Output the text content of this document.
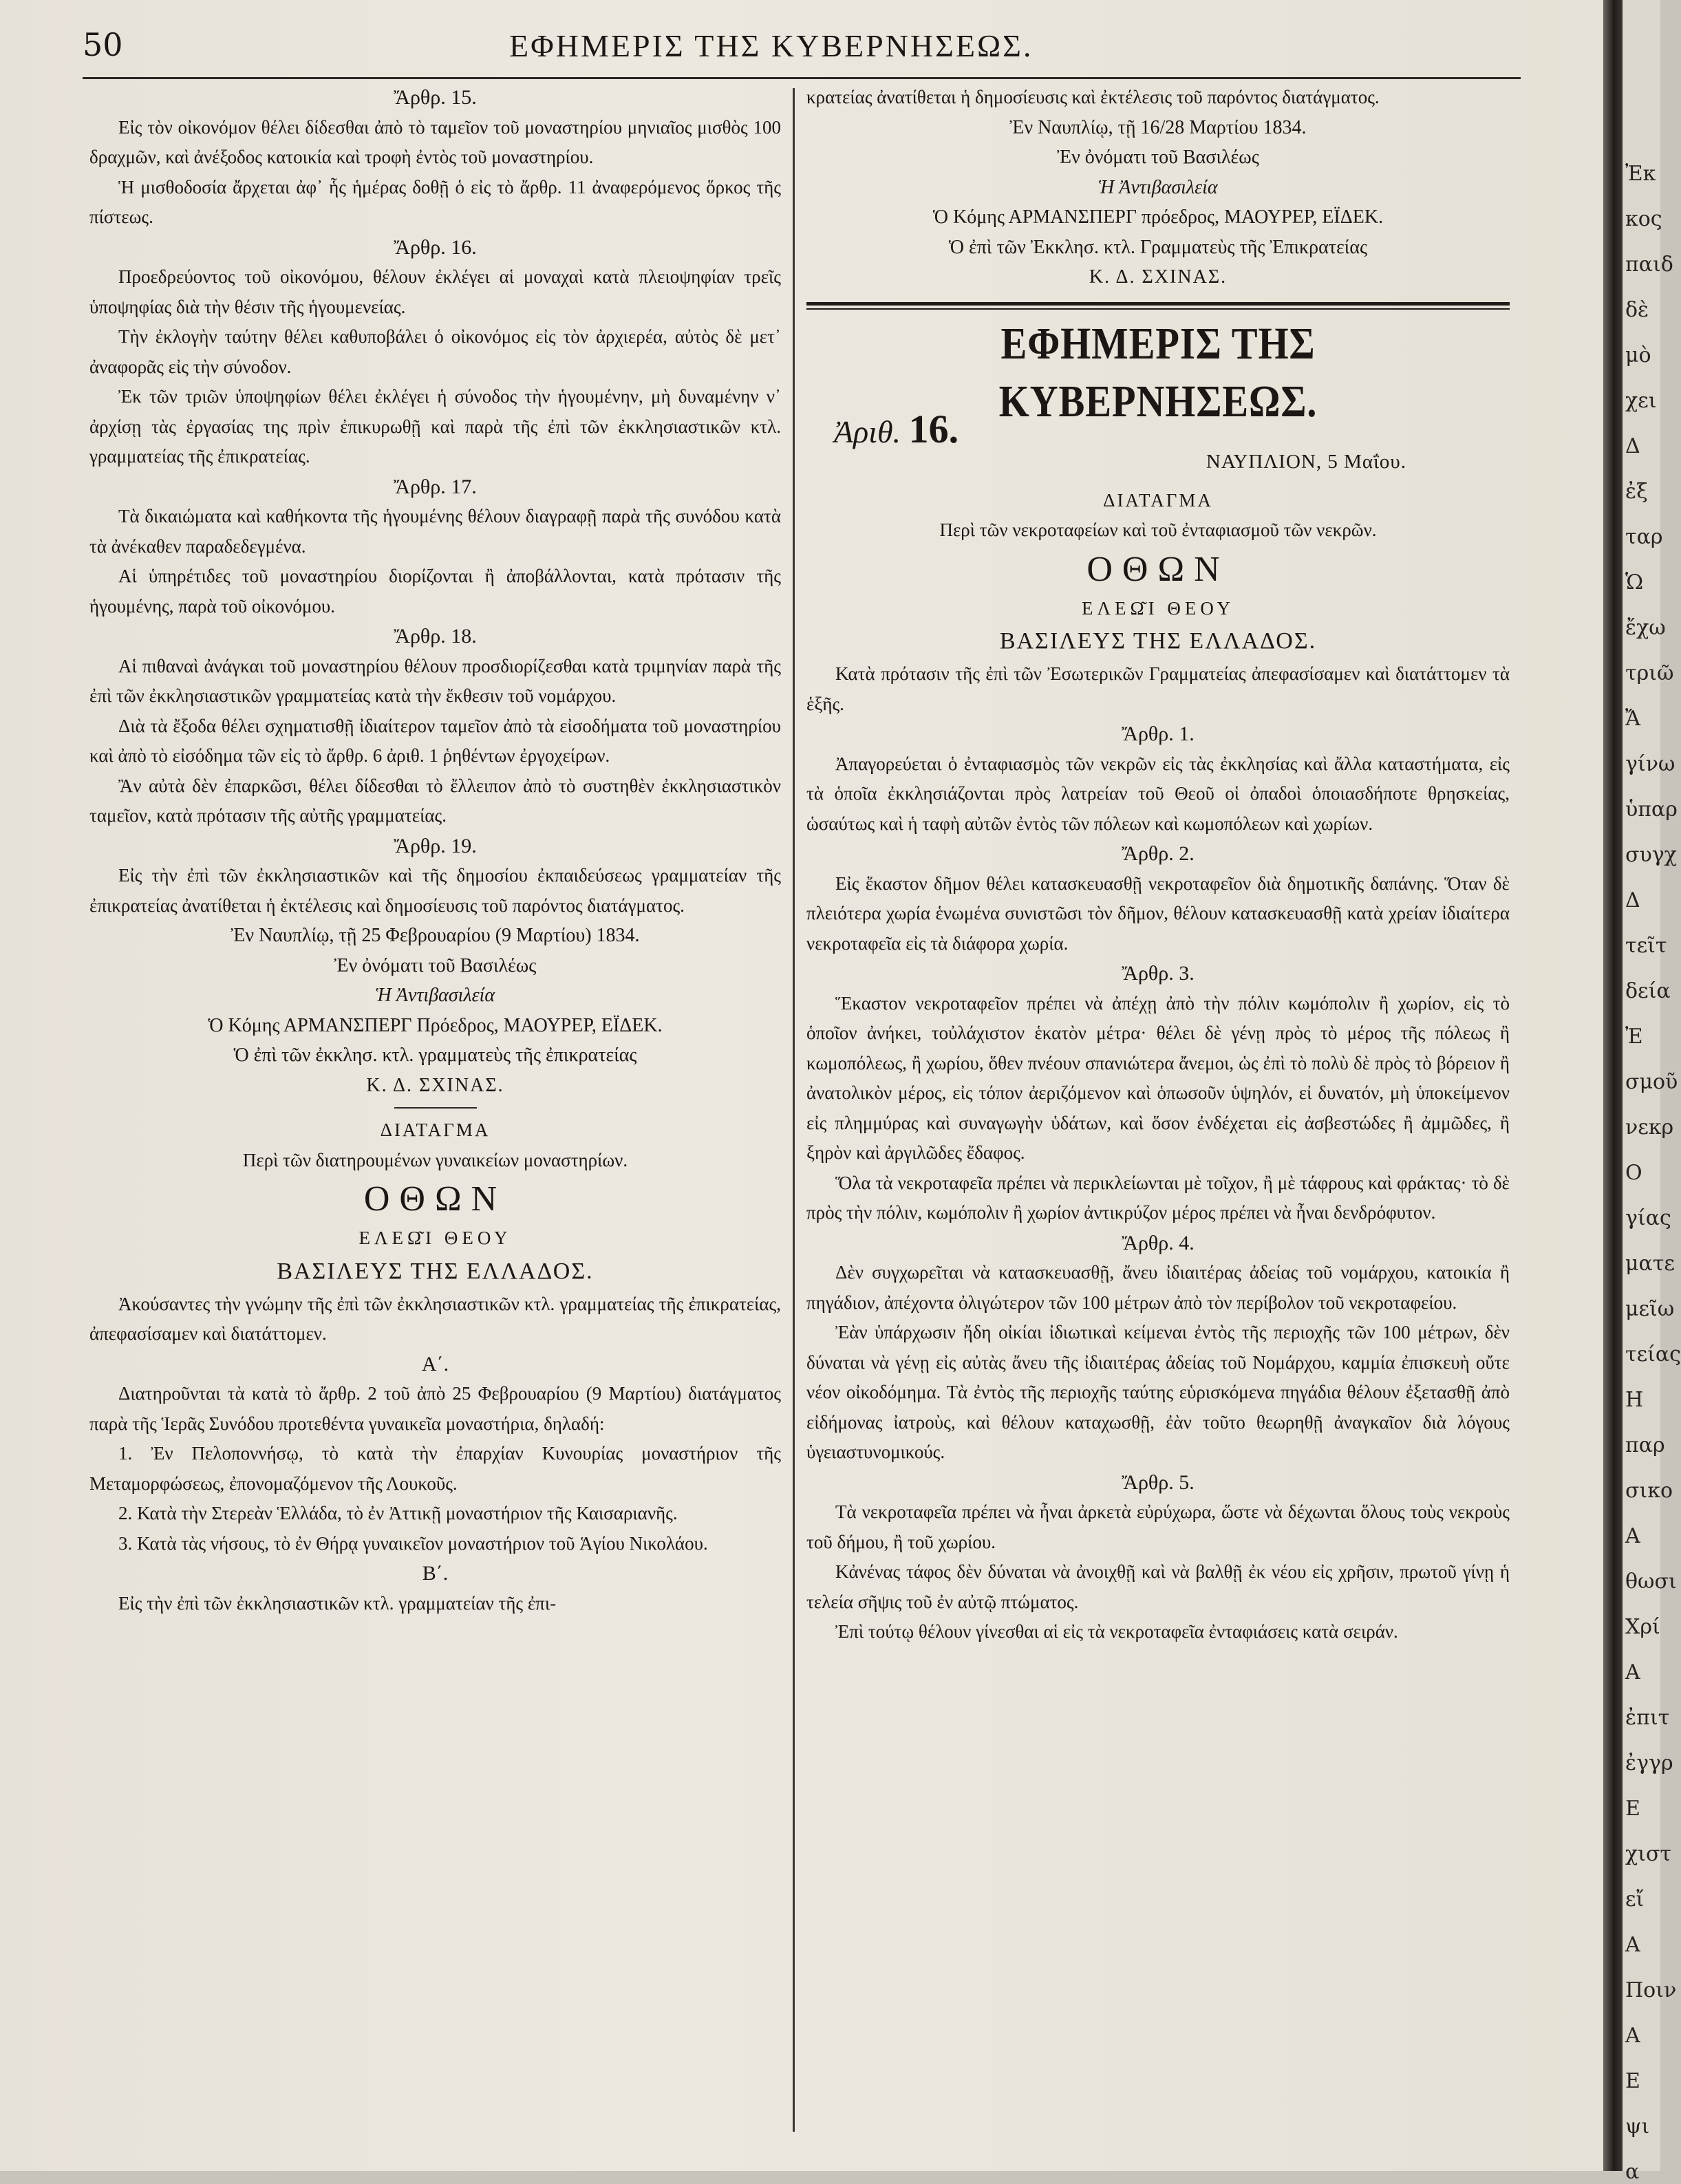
50	ΕΦΗΜΕΡΙΣ ΤΗΣ ΚΥΒΕΡΝΗΣΕΩΣ.

Ἄρθρ. 15.

Εἰς τὸν οἰκονόμον θέλει δίδεσθαι ἀπὸ τὸ ταμεῖον τοῦ μοναστηρίου μηνιαῖος μισθὸς 100 δραχμῶν, καὶ ἀνέξοδος κατοικία καὶ τροφὴ ἐντὸς τοῦ μοναστηρίου.

Ἡ μισθοδοσία ἄρχεται ἀφ᾽ ἧς ἡμέρας δοθῇ ὁ εἰς τὸ ἄρθρ. 11 ἀναφερόμενος ὅρκος τῆς πίστεως.

Ἄρθρ. 16.

Προεδρεύοντος τοῦ οἰκονόμου, θέλουν ἐκλέγει αἱ μοναχαὶ κατὰ πλειοψηφίαν τρεῖς ὑποψηφίας διὰ τὴν θέσιν τῆς ἡγουμενείας.

Τὴν ἐκλογὴν ταύτην θέλει καθυποβάλει ὁ οἰκονόμος εἰς τὸν ἀρχιερέα, αὐτὸς δὲ μετ᾽ ἀναφορᾶς εἰς τὴν σύνοδον.

Ἐκ τῶν τριῶν ὑποψηφίων θέλει ἐκλέγει ἡ σύνοδος τὴν ἡγουμένην, μὴ δυναμένην ν᾽ ἀρχίσῃ τὰς ἐργασίας της πρὶν ἐπικυρωθῇ καὶ παρὰ τῆς ἐπὶ τῶν ἐκκλησιαστικῶν κτλ. γραμματείας τῆς ἐπικρατείας.

Ἄρθρ. 17.

Τὰ δικαιώματα καὶ καθήκοντα τῆς ἡγουμένης θέλουν διαγραφῇ παρὰ τῆς συνόδου κατὰ τὰ ἀνέκαθεν παραδεδεγμένα.

Αἱ ὑπηρέτιδες τοῦ μοναστηρίου διορίζονται ἢ ἀποβάλλονται, κατὰ πρότασιν τῆς ἡγουμένης, παρὰ τοῦ οἰκονόμου.

Ἄρθρ. 18.

Αἱ πιθαναὶ ἀνάγκαι τοῦ μοναστηρίου θέλουν προσδιορίζεσθαι κατὰ τριμηνίαν παρὰ τῆς ἐπὶ τῶν ἐκκλησιαστικῶν γραμματείας κατὰ τὴν ἔκθεσιν τοῦ νομάρχου.

Διὰ τὰ ἔξοδα θέλει σχηματισθῇ ἰδιαίτερον ταμεῖον ἀπὸ τὰ εἰσοδήματα τοῦ μοναστηρίου καὶ ἀπὸ τὸ εἰσόδημα τῶν εἰς τὸ ἄρθρ. 6 ἀριθ. 1 ῥηθέντων ἐργοχείρων.

Ἂν αὐτὰ δὲν ἐπαρκῶσι, θέλει δίδεσθαι τὸ ἔλλειπον ἀπὸ τὸ συστηθὲν ἐκκλησιαστικὸν ταμεῖον, κατὰ πρότασιν τῆς αὐτῆς γραμματείας.

Ἄρθρ. 19.

Εἰς τὴν ἐπὶ τῶν ἐκκλησιαστικῶν καὶ τῆς δημοσίου ἐκπαιδεύσεως γραμματείαν τῆς ἐπικρατείας ἀνατίθεται ἡ ἐκτέλεσις καὶ δημοσίευσις τοῦ παρόντος διατάγματος.

Ἐν Ναυπλίῳ, τῇ 25 Φεβρουαρίου (9 Μαρτίου) 1834.

Ἐν ὀνόματι τοῦ Βασιλέως

Ἡ Ἀντιβασιλεία

Ὁ Κόμης ΑΡΜΑΝΣΠΕΡΓ Πρόεδρος, ΜΑΟΥΡΕΡ, ΕΪΔΕΚ.

Ὁ ἐπὶ τῶν ἐκκλησ. κτλ. γραμματεὺς τῆς ἐπικρατείας

Κ. Δ. ΣΧΙΝΑΣ.

ΔΙΑΤΑΓΜΑ

Περὶ τῶν διατηρουμένων γυναικείων μοναστηρίων.

ΟΘΩΝ

ΕΛΕΩ͂Ι ΘΕΟΥ

ΒΑΣΙΛΕΥΣ ΤΗΣ ΕΛΛΑΔΟΣ.

Ἀκούσαντες τὴν γνώμην τῆς ἐπὶ τῶν ἐκκλησιαστικῶν κτλ. γραμματείας τῆς ἐπικρατείας, ἀπεφασίσαμεν καὶ διατάττομεν.

Α΄.

Διατηροῦνται τὰ κατὰ τὸ ἄρθρ. 2 τοῦ ἀπὸ 25 Φεβρουαρίου (9 Μαρτίου) διατάγματος παρὰ τῆς Ἱερᾶς Συνόδου προτεθέντα γυναικεῖα μοναστήρια, δηλαδή:

1. Ἐν Πελοποννήσῳ, τὸ κατὰ τὴν ἐπαρχίαν Κυνουρίας μοναστήριον τῆς Μεταμορφώσεως, ἐπονομαζόμενον τῆς Λουκοῦς.

2. Κατὰ τὴν Στερεὰν Ἑλλάδα, τὸ ἐν Ἀττικῇ μοναστήριον τῆς Καισαριανῆς.

3. Κατὰ τὰς νήσους, τὸ ἐν Θήρᾳ γυναικεῖον μοναστήριον τοῦ Ἁγίου Νικολάου.

Β΄.

Εἰς τὴν ἐπὶ τῶν ἐκκλησιαστικῶν κτλ. γραμματείαν τῆς ἐπι-

κρατείας ἀνατίθεται ἡ δημοσίευσις καὶ ἐκτέλεσις τοῦ παρόντος διατάγματος.

Ἐν Ναυπλίῳ, τῇ 16/28 Μαρτίου 1834.

Ἐν ὀνόματι τοῦ Βασιλέως

Ἡ Ἀντιβασιλεία

Ὁ Κόμης ΑΡΜΑΝΣΠΕΡΓ πρόεδρος, ΜΑΟΥΡΕΡ, ΕΪΔΕΚ.

Ὁ ἐπὶ τῶν Ἐκκλησ. κτλ. Γραμματεὺς τῆς Ἐπικρατείας

Κ. Δ. ΣΧΙΝΑΣ.

ΕΦΗΜΕΡΙΣ ΤΗΣ ΚΥΒΕΡΝΗΣΕΩΣ.
Ἀριθ. 16.
ΝΑΥΠΛΙΟΝ, 5 Μαΐου.

ΔΙΑΤΑΓΜΑ

Περὶ τῶν νεκροταφείων καὶ τοῦ ἐνταφιασμοῦ τῶν νεκρῶν.

ΟΘΩΝ

ΕΛΕΩ͂Ι ΘΕΟΥ

ΒΑΣΙΛΕΥΣ ΤΗΣ ΕΛΛΑΔΟΣ.

Κατὰ πρότασιν τῆς ἐπὶ τῶν Ἐσωτερικῶν Γραμματείας ἀπεφασίσαμεν καὶ διατάττομεν τὰ ἑξῆς.

Ἄρθρ. 1.

Ἀπαγορεύεται ὁ ἐνταφιασμὸς τῶν νεκρῶν εἰς τὰς ἐκκλησίας καὶ ἄλλα καταστήματα, εἰς τὰ ὁποῖα ἐκκλησιάζονται πρὸς λατρείαν τοῦ Θεοῦ οἱ ὀπαδοὶ ὁποιασδήποτε θρησκείας, ὡσαύτως καὶ ἡ ταφὴ αὐτῶν ἐντὸς τῶν πόλεων καὶ κωμοπόλεων καὶ χωρίων.

Ἄρθρ. 2.

Εἰς ἕκαστον δῆμον θέλει κατασκευασθῇ νεκροταφεῖον διὰ δημοτικῆς δαπάνης. Ὅταν δὲ πλειότερα χωρία ἑνωμένα συνιστῶσι τὸν δῆμον, θέλουν κατασκευασθῇ κατὰ χρείαν ἰδιαίτερα νεκροταφεῖα εἰς τὰ διάφορα χωρία.

Ἄρθρ. 3.

Ἕκαστον νεκροταφεῖον πρέπει νὰ ἀπέχῃ ἀπὸ τὴν πόλιν κωμόπολιν ἢ χωρίον, εἰς τὸ ὁποῖον ἀνήκει, τοὐλάχιστον ἑκατὸν μέτρα· θέλει δὲ γένῃ πρὸς τὸ μέρος τῆς πόλεως ἢ κωμοπόλεως, ἢ χωρίου, ὅθεν πνέουν σπανιώτερα ἄνεμοι, ὡς ἐπὶ τὸ πολὺ δὲ πρὸς τὸ βόρειον ἢ ἀνατολικὸν μέρος, εἰς τόπον ἀεριζόμενον καὶ ὁπωσοῦν ὑψηλόν, εἰ δυνατόν, μὴ ὑποκείμενον εἰς πλημμύρας καὶ συναγωγὴν ὑδάτων, καὶ ὅσον ἐνδέχεται εἰς ἀσβεστώδες ἢ ἀμμῶδες, ἢ ξηρὸν καὶ ἀργιλῶδες ἔδαφος.

Ὅλα τὰ νεκροταφεῖα πρέπει νὰ περικλείωνται μὲ τοῖχον, ἢ μὲ τάφρους καὶ φράκτας· τὸ δὲ πρὸς τὴν πόλιν, κωμόπολιν ἢ χωρίον ἀντικρύζον μέρος πρέπει νὰ ἦναι δενδρόφυτον.

Ἄρθρ. 4.

Δὲν συγχωρεῖται νὰ κατασκευασθῇ, ἄνευ ἰδιαιτέρας ἀδείας τοῦ νομάρχου, κατοικία ἢ πηγάδιον, ἀπέχοντα ὀλιγώτερον τῶν 100 μέτρων ἀπὸ τὸν περίβολον τοῦ νεκροταφείου.

Ἐὰν ὑπάρχωσιν ἤδη οἰκίαι ἰδιωτικαὶ κείμεναι ἐντὸς τῆς περιοχῆς τῶν 100 μέτρων, δὲν δύναται νὰ γένῃ εἰς αὐτὰς ἄνευ τῆς ἰδιαιτέρας ἀδείας τοῦ Νομάρχου, καμμία ἐπισκευὴ οὔτε νέον οἰκοδόμημα. Τὰ ἐντὸς τῆς περιοχῆς ταύτης εὑρισκόμενα πηγάδια θέλουν ἐξετασθῇ ἀπὸ εἰδήμονας ἰατροὺς, καὶ θέλουν καταχωσθῇ, ἐὰν τοῦτο θεωρηθῇ ἀναγκαῖον διὰ λόγους ὑγειαστυνομικούς.

Ἄρθρ. 5.

Τὰ νεκροταφεῖα πρέπει νὰ ἦναι ἀρκετὰ εὐρύχωρα, ὥστε νὰ δέχωνται ὅλους τοὺς νεκροὺς τοῦ δήμου, ἢ τοῦ χωρίου.

Κἀνένας τάφος δὲν δύναται νὰ ἀνοιχθῇ καὶ νὰ βαλθῇ ἐκ νέου εἰς χρῆσιν, πρωτοῦ γίνῃ ἡ τελεία σῆψις τοῦ ἐν αὐτῷ πτώματος.

Ἐπὶ τούτῳ θέλουν γίνεσθαι αἱ εἰς τὰ νεκροταφεῖα ἐνταφιάσεις κατὰ σειράν.

Ἐκ
κος
παιδ
δὲ
μὸ
χει
Δ
ἐξ
ταρ
Ὡ
ἔχω
τριῶ
Ἄ
γίνω
ὑπαρ
συγχ
Δ
τεῖτ
δεία
Ἐ
σμοῦ
νεκρ
Ο
γίας
ματε
μεῖω
τείας
Η
παρ
σικο
Α
θωσι
Χρί
Α
ἐπιτ
ἐγγρ
Ε
χιστ
εἴ
Α
Ποιν
Α
Ε
ψι
α
